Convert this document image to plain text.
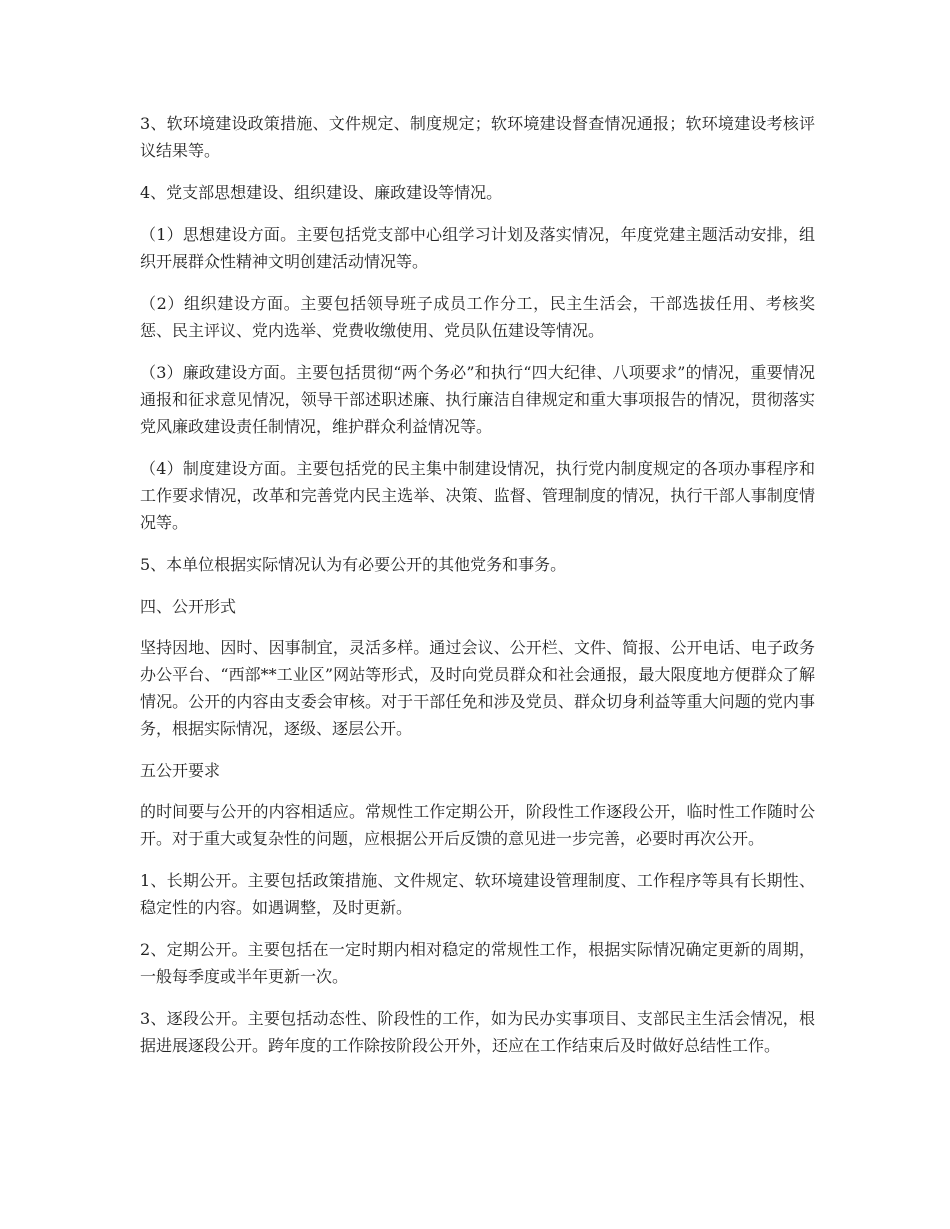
3、软环境建设政策措施、文件规定、制度规定；软环境建设督查情况通报；软环境建设考核评议结果等。

4、党支部思想建设、组织建设、廉政建设等情况。

（1）思想建设方面。主要包括党支部中心组学习计划及落实情况，年度党建主题活动安排，组织开展群众性精神文明创建活动情况等。

（2）组织建设方面。主要包括领导班子成员工作分工，民主生活会，干部选拔任用、考核奖惩、民主评议、党内选举、党费收缴使用、党员队伍建设等情况。

（3）廉政建设方面。主要包括贯彻“两个务必”和执行“四大纪律、八项要求”的情况，重要情况通报和征求意见情况，领导干部述职述廉、执行廉洁自律规定和重大事项报告的情况，贯彻落实党风廉政建设责任制情况，维护群众利益情况等。

（4）制度建设方面。主要包括党的民主集中制建设情况，执行党内制度规定的各项办事程序和工作要求情况，改革和完善党内民主选举、决策、监督、管理制度的情况，执行干部人事制度情况等。

5、本单位根据实际情况认为有必要公开的其他党务和事务。

四、公开形式

坚持因地、因时、因事制宜，灵活多样。通过会议、公开栏、文件、简报、公开电话、电子政务办公平台、“西部**工业区”网站等形式，及时向党员群众和社会通报，最大限度地方便群众了解情况。公开的内容由支委会审核。对于干部任免和涉及党员、群众切身利益等重大问题的党内事务，根据实际情况，逐级、逐层公开。

五公开要求

的时间要与公开的内容相适应。常规性工作定期公开，阶段性工作逐段公开，临时性工作随时公开。对于重大或复杂性的问题，应根据公开后反馈的意见进一步完善，必要时再次公开。

1、长期公开。主要包括政策措施、文件规定、软环境建设管理制度、工作程序等具有长期性、稳定性的内容。如遇调整，及时更新。

2、定期公开。主要包括在一定时期内相对稳定的常规性工作，根据实际情况确定更新的周期，一般每季度或半年更新一次。

3、逐段公开。主要包括动态性、阶段性的工作，如为民办实事项目、支部民主生活会情况，根据进展逐段公开。跨年度的工作除按阶段公开外，还应在工作结束后及时做好总结性工作。
